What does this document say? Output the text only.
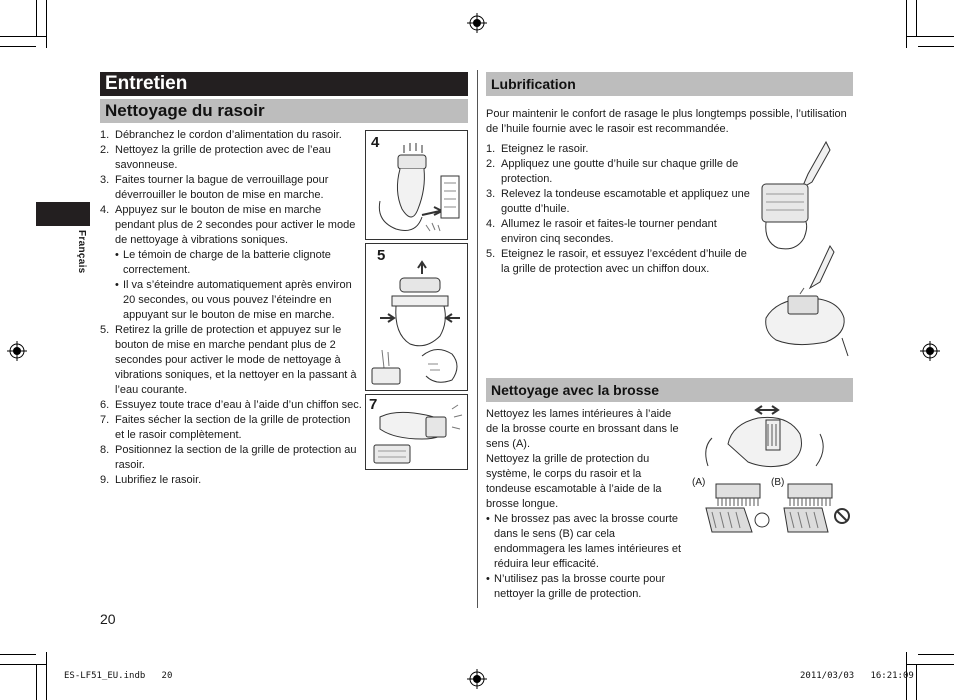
Français
Entretien
Nettoyage du rasoir
1. Débranchez le cordon d’alimentation du rasoir.
2. Nettoyez la grille de protection avec de l’eau savonneuse.
3. Faites tourner la bague de verrouillage pour déverrouiller le bouton de mise en marche.
4. Appuyez sur le bouton de mise en marche pendant plus de 2 secondes pour activer le mode de nettoyage à vibrations soniques.
• Le témoin de charge de la batterie clignote correctement.
• Il va s’éteindre automatiquement après environ 20 secondes, ou vous pouvez l’éteindre en appuyant sur le bouton de mise en marche.
5. Retirez la grille de protection et appuyez sur le bouton de mise en marche pendant plus de 2 secondes pour activer le mode de nettoyage à vibrations soniques, et la nettoyer en la passant à l’eau courante.
6. Essuyez toute trace d’eau à l’aide d’un chiffon sec.
7. Faites sécher la section de la grille de protection et le rasoir complètement.
8. Positionnez la section de la grille de protection au rasoir.
9. Lubrifiez le rasoir.
4
5
7
Lubrification

Pour maintenir le confort de rasage le plus longtemps possible, l’utilisation de l’huile fournie avec le rasoir est recommandée.

1. Eteignez le rasoir.
2. Appliquez une goutte d’huile sur chaque grille de protection.
3. Relevez la tondeuse escamotable et appliquez une goutte d’huile.
4. Allumez le rasoir et faites-le tourner pendant environ cinq secondes.
5. Eteignez le rasoir, et essuyez l’excédent d’huile de la grille de protection avec un chiffon doux.
Nettoyage avec la brosse
Nettoyez les lames intérieures à l’aide de la brosse courte en brossant dans le sens (A).
Nettoyez la grille de protection du système, le corps du rasoir et la tondeuse escamotable à l’aide de la brosse longue.
• Ne brossez pas avec la brosse courte dans le sens (B) car cela endommagera les lames intérieures et réduira leur efficacité.
• N’utilisez pas la brosse courte pour nettoyer la grille de protection.
(A)	(B)
20
ES-LF51_EU.indb   20	2011/03/03   16:21:09
